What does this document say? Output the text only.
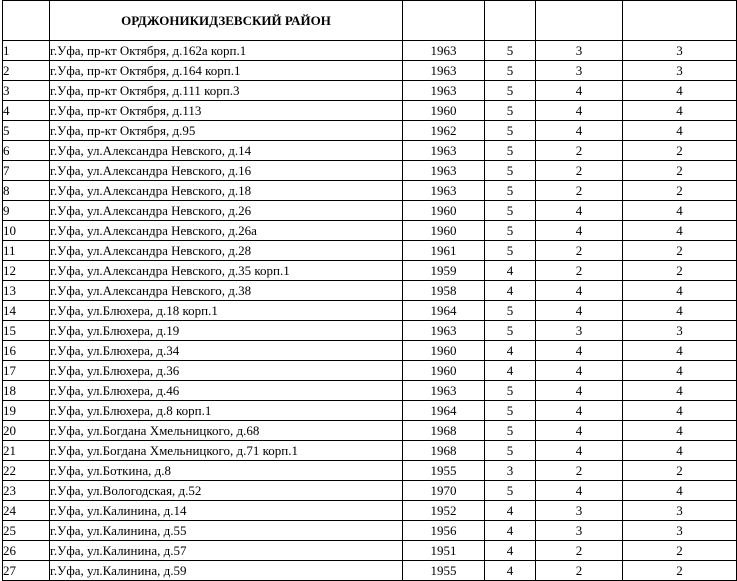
	ОРДЖОНИКИДЗЕВСКИЙ РАЙОН				
1	г.Уфа, пр-кт Октября, д.162а корп.1	1963	5	3	3
2	г.Уфа, пр-кт Октября, д.164 корп.1	1963	5	3	3
3	г.Уфа, пр-кт Октября, д.111 корп.3	1963	5	4	4
4	г.Уфа, пр-кт Октября, д.113	1960	5	4	4
5	г.Уфа, пр-кт Октября, д.95	1962	5	4	4
6	г.Уфа, ул.Александра Невского, д.14	1963	5	2	2
7	г.Уфа, ул.Александра Невского, д.16	1963	5	2	2
8	г.Уфа, ул.Александра Невского, д.18	1963	5	2	2
9	г.Уфа, ул.Александра Невского, д.26	1960	5	4	4
10	г.Уфа, ул.Александра Невского, д.26а	1960	5	4	4
11	г.Уфа, ул.Александра Невского, д.28	1961	5	2	2
12	г.Уфа, ул.Александра Невского, д.35 корп.1	1959	4	2	2
13	г.Уфа, ул.Александра Невского, д.38	1958	4	4	4
14	г.Уфа, ул.Блюхера, д.18 корп.1	1964	5	4	4
15	г.Уфа, ул.Блюхера, д.19	1963	5	3	3
16	г.Уфа, ул.Блюхера, д.34	1960	4	4	4
17	г.Уфа, ул.Блюхера, д.36	1960	4	4	4
18	г.Уфа, ул.Блюхера, д.46	1963	5	4	4
19	г.Уфа, ул.Блюхера, д.8 корп.1	1964	5	4	4
20	г.Уфа, ул.Богдана Хмельницкого, д.68	1968	5	4	4
21	г.Уфа, ул.Богдана Хмельницкого, д.71 корп.1	1968	5	4	4
22	г.Уфа, ул.Боткина, д.8	1955	3	2	2
23	г.Уфа, ул.Вологодская, д.52	1970	5	4	4
24	г.Уфа, ул.Калинина, д.14	1952	4	3	3
25	г.Уфа, ул.Калинина, д.55	1956	4	3	3
26	г.Уфа, ул.Калинина, д.57	1951	4	2	2
27	г.Уфа, ул.Калинина, д.59	1955	4	2	2
